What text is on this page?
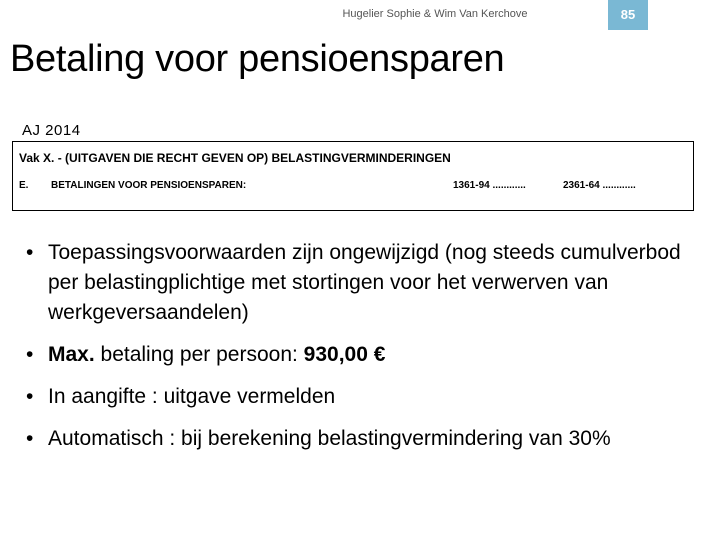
Hugelier Sophie & Wim Van Kerchove	85
Betaling voor pensioensparen
AJ 2014
Vak X. - (UITGAVEN DIE RECHT GEVEN OP) BELASTINGVERMINDERINGEN
E. BETALINGEN VOOR PENSIOENSPAREN:	1361-94 ............	2361-64 ............
• Toepassingsvoorwaarden zijn ongewijzigd (nog steeds cumulverbod per belastingplichtige met stortingen voor het verwerven van werkgeversaandelen)
• Max. betaling per persoon: 930,00 €
• In aangifte : uitgave vermelden
• Automatisch : bij berekening belastingvermindering van 30%
